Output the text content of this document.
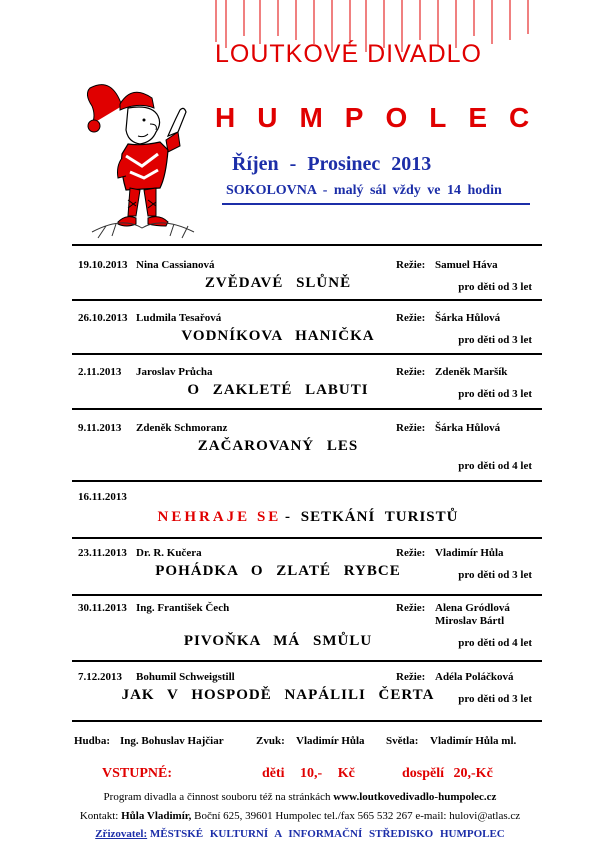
LOUTKOVÉ DIVADLO
HUMPOLEC
Říjen - Prosinec 2013
SOKOLOVNA - malý sál vždy ve 14 hodin
19.10.2013 Nina Cassianová	Režie: Samuel Háva
ZVĚDAVÉ SLŮNĚ	pro děti od 3 let
26.10.2013 Ludmila Tesařová	Režie: Šárka Hůlová
VODNÍKOVA HANIČKA	pro děti od 3 let
2.11.2013 Jaroslav Průcha	Režie: Zdeněk Maršík
O ZAKLETÉ LABUTI	pro děti od 3 let
9.11.2013 Zdeněk Schmoranz	Režie: Šárka Hůlová
ZAČAROVANÝ LES
pro děti od 4 let
16.11.2013
NEHRAJE SE - SETKÁNÍ TURISTŮ
23.11.2013 Dr. R. Kučera	Režie: Vladimír Hůla
POHÁDKA O ZLATÉ RYBCE	pro děti od 3 let
30.11.2013 Ing. František Čech	Režie: Alena Gródlová
Miroslav Bártl
PIVOŇKA MÁ SMŮLU	pro děti od 4 let
7.12.2013 Bohumil Schweigstill	Režie: Adéla Poláčková
JAK V HOSPODĚ NAPÁLILI ČERTA	pro děti od 3 let
Hudba: Ing. Bohuslav Hajčiar	Zvuk: Vladimír Hůla Světla: Vladimír Hůla ml.
VSTUPNÉ:	děti 10,- Kč	dospělí 20,-Kč
Program divadla a činnost souboru též na stránkách www.loutkovedivadlo-humpolec.cz
Kontakt: Hůla Vladimír, Boční 625, 39601 Humpolec tel./fax 565 532 267 e-mail: hulovi@atlas.cz
Zřizovatel: MĚSTSKÉ KULTURNÍ A INFORMAČNÍ STŘEDISKO HUMPOLEC
